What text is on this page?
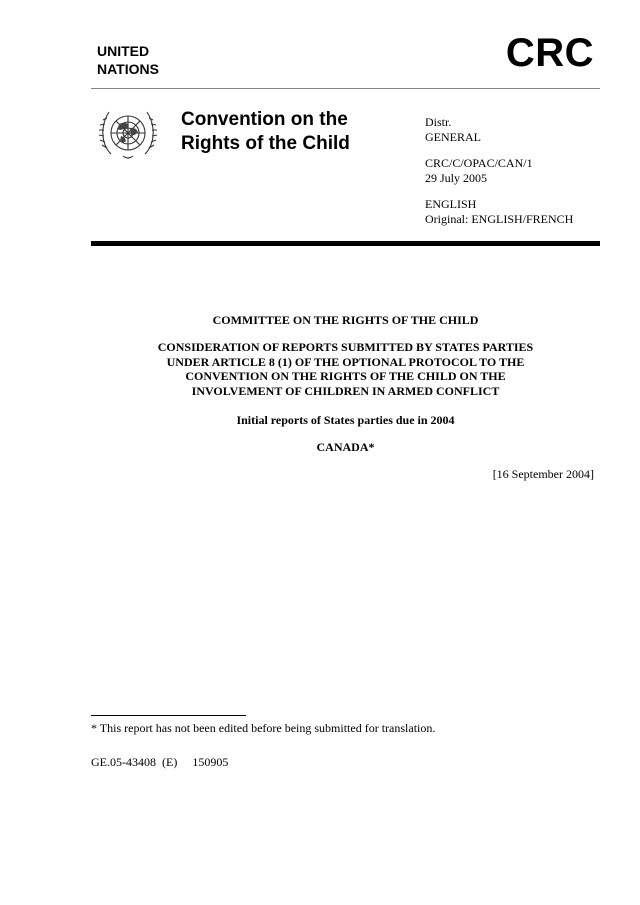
UNITED
NATIONS	CRC
Convention on the
Rights of the Child
Distr.
GENERAL
CRC/C/OPAC/CAN/1
29 July 2005
ENGLISH
Original: ENGLISH/FRENCH
COMMITTEE ON THE RIGHTS OF THE CHILD
CONSIDERATION OF REPORTS SUBMITTED BY STATES PARTIES
UNDER ARTICLE 8 (1) OF THE OPTIONAL PROTOCOL TO THE
CONVENTION ON THE RIGHTS OF THE CHILD ON THE
INVOLVEMENT OF CHILDREN IN ARMED CONFLICT
Initial reports of States parties due in 2004
CANADA*
[16 September 2004]
* This report has not been edited before being submitted for translation.
GE.05-43408  (E)     150905
